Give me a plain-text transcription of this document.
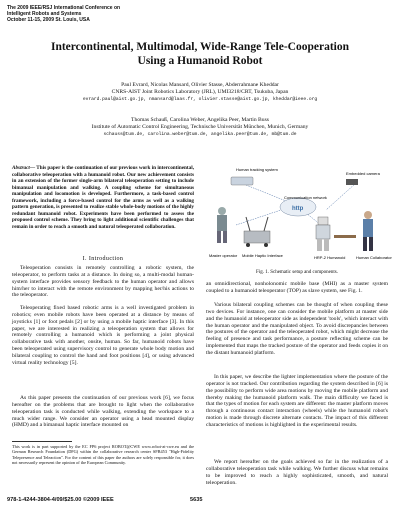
The 2009 IEEE/RSJ International Conference on
Intelligent Robots and Systems
October 11-15, 2009 St. Louis, USA
Intercontinental, Multimodal, Wide-Range Tele-Cooperation
Using a Humanoid Robot
Paul Evrard, Nicolas Mansard, Olivier Stasse, Abderrahmane Kheddar
CNRS-AIST Joint Robotics Laboratory (JRL), UMI3218/CRT, Tsukuba, Japan
evrard.paul@aist.go.jp, nmansard@laas.fr, olivier.stasse@aist.go.jp, kheddar@ieee.org
Thomas Schauß, Carolina Weber, Angelika Peer, Martin Buss
Institute of Automatic Control Engineering, Technische Universität München, Munich, Germany
schauss@tum.de, carolina.weber@tum.de, angelika.peer@tum.de, mb@tum.de
Abstract— This paper is the continuation of our previous work in intercontinental, collaborative teleoperation with a humanoid robot. Our new achievement consists in an extension of the former single-arm bilateral teleoperation setting to include bimanual manipulation and walking. A coupling scheme for simultaneous manipulation and locomotion is developed. Furthermore, a task-based control framework, including a force-based control for the arms as well as a walking pattern generation, is presented to realize stable whole-body motions of the highly redundant humanoid robot. Experiments have been performed to assess the proposed control scheme. They bring to light additional scientific challenges that remain in order to reach a smooth and natural teleoperated collaboration.
I. Introduction
Teleoperation consists in remotely controlling a robotic system, the teleoperator, to perform tasks at a distance. In doing so, a multi-modal human-system interface provides sensory feedback to the human operator and allows him/her to interact with the remote environment by mapping her/his actions to the teleoperator.
Teleoperating fixed based robotic arms is a well investigated problem in robotics; even mobile robots have been operated at a distance by means of joysticks [1] or foot pedals [2] or by using a mobile haptic interface [3]. In this paper, we are interested in realizing a teleoperation system that allows for remotely controlling a humanoid which is performing a joint physical collaborative task with another, onsite, human. So far, humanoid robots have been teleoperated using supervisory control to generate whole body motion and bilateral coupling to control the hand and foot positions [4], or using advanced virtual reality technology [5].
As this paper presents the continuation of our previous work [6], we focus hereafter on the problems that are brought to light when the collaborative teleoperation task is conducted while walking, extending the workspace to a much wider range. We consider an operator using a head mounted display (HMD) and a bimanual haptic interface mounted on
This work is in part supported by the EC FP6 project ROBOT@CWE www.robot-at-cwe.eu and the German Research Foundation (DFG) within the collaborative research center SFB453 "High-Fidelity Telepresence and Teleaction". For the content of this paper the authors are solely responsible for, it does not necessarily represent the opinion of the European Community.
Human tracking system
Embedded camera
Communication network
http
Master operator Mobile Haptic Interface	HRP-2 Humanoid	Human Collaborator
Fig. 1. Schematic setup and components.
an omnidirectional, nonholonomic mobile base (MHI) as a master system coupled to a humanoid teleoperator (TOP) as slave system, see Fig. 1.
Various bilateral coupling schemes can be thought of when coupling these two devices. For instance, one can consider the mobile platform at master side and the humanoid at teleoperator side as independent 'tools', which interact with the human operator and the manipulated object. To avoid discrepancies between the postures of the operator and the teleoperated robot, which might decrease the feeling of presence and task performance, a posture reflecting scheme can be implemented that maps the tracked posture of the operator and feeds copies it on the distant humanoid platform.
In this paper, we describe the lighter implementation where the posture of the operator is not tracked. Our contribution regarding the system described in [6] is the possibility to perform wide area motions by moving the mobile platform and thereby making the humanoid platform walk. The main difficulty we faced is that the types of motion for each system are different: the master platform moves through a continuous contact interaction (wheels) while the humanoid robot's motion is made through discrete alternate contacts. The impact of this different characteristics of motions is highlighted in the experimental results.
We report hereafter on the goals achieved so far in the realization of a collaborative teleoperation task while walking. We further discuss what remains to be improved to reach a highly sophisticated, smooth, and natural teleoperation.
978-1-4244-3804-4/09/$25.00 ©2009 IEEE	5635
